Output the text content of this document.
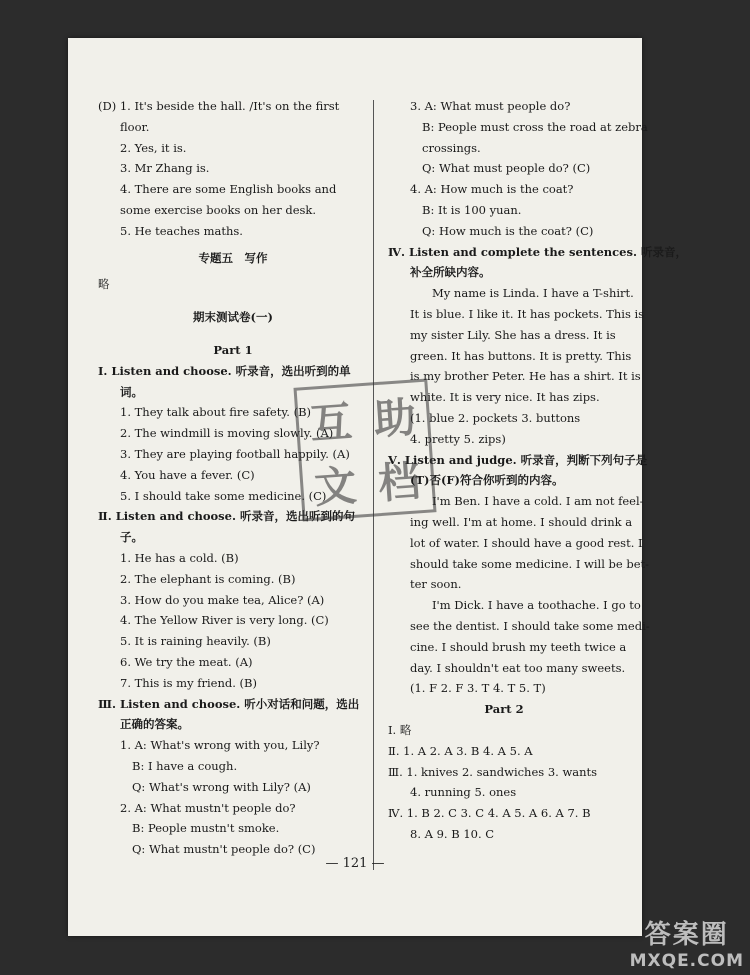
(D) 1. It's beside the hall. /It's on the first
floor.
2. Yes, it is.
3. Mr Zhang is.
4. There are some English books and
some exercise books on her desk.
5. He teaches maths.
专题五　写作
略
期末测试卷(一)
Part 1
Ⅰ. Listen and choose. 听录音，选出听到的单
词。
1. They talk about fire safety. (B)
2. The windmill is moving slowly. (A)
3. They are playing football happily. (A)
4. You have a fever. (C)
5. I should take some medicine. (C)
Ⅱ. Listen and choose. 听录音，选出听到的句
子。
1. He has a cold. (B)
2. The elephant is coming. (B)
3. How do you make tea, Alice? (A)
4. The Yellow River is very long. (C)
5. It is raining heavily. (B)
6. We try the meat. (A)
7. This is my friend. (B)
Ⅲ. Listen and choose. 听小对话和问题，选出
正确的答案。
1. A: What's wrong with you, Lily?
B: I have a cough.
Q: What's wrong with Lily? (A)
2. A: What mustn't people do?
B: People mustn't smoke.
Q: What mustn't people do? (C)
3. A: What must people do?
B: People must cross the road at zebra
crossings.
Q: What must people do? (C)
4. A: How much is the coat?
B: It is 100 yuan.
Q: How much is the coat? (C)
Ⅳ. Listen and complete the sentences. 听录音，
补全所缺内容。
My name is Linda. I have a T-shirt.
It is blue. I like it. It has pockets. This is
my sister Lily. She has a dress. It is
green. It has buttons. It is pretty. This
is my brother Peter. He has a shirt. It is
white. It is very nice. It has zips.
(1. blue 2. pockets 3. buttons
4. pretty 5. zips)
Ⅴ. Listen and judge. 听录音，判断下列句子是
(T)否(F)符合你听到的内容。
I'm Ben. I have a cold. I am not feel-
ing well. I'm at home. I should drink a
lot of water. I should have a good rest. I
should take some medicine. I will be bet-
ter soon.
I'm Dick. I have a toothache. I go to
see the dentist. I should take some medi-
cine. I should brush my teeth twice a
day. I shouldn't eat too many sweets.
(1. F 2. F 3. T 4. T 5. T)
Part 2
Ⅰ. 略
Ⅱ. 1. A 2. A 3. B 4. A 5. A
Ⅲ. 1. knives 2. sandwiches 3. wants
4. running 5. ones
Ⅳ. 1. B 2. C 3. C 4. A 5. A 6. A 7. B
8. A 9. B 10. C
— 121 —
互 助
文 档
答案圈
MXQE.COM
